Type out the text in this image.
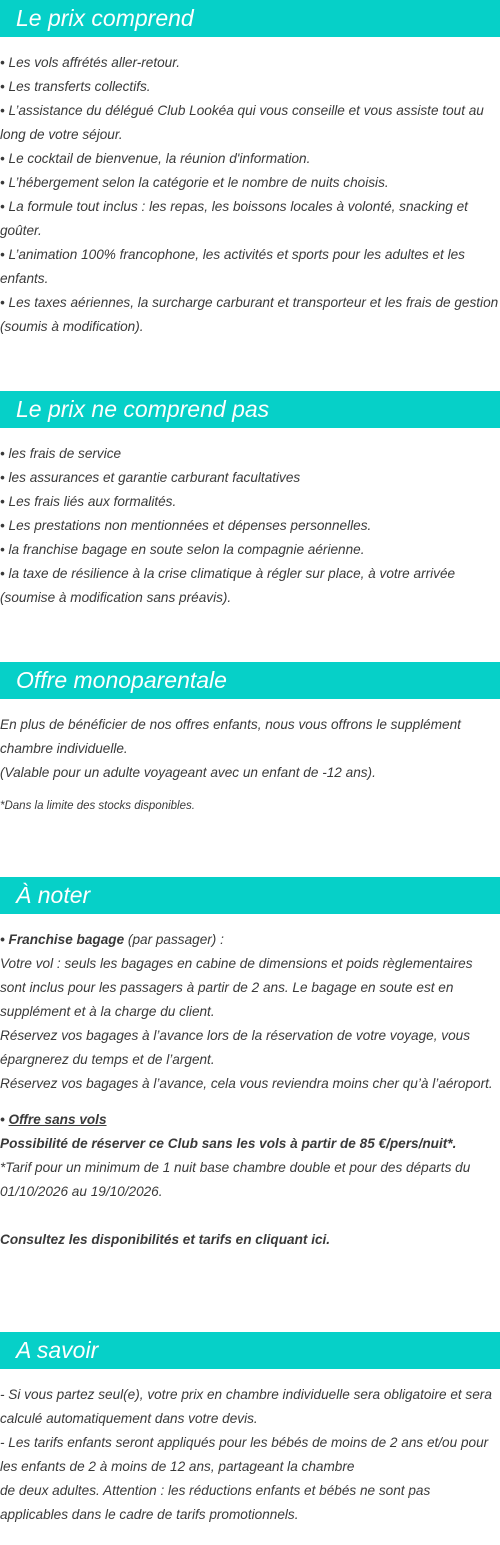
Le prix comprend

• Les vols affrétés aller-retour.

• Les transferts collectifs.

• L’assistance du délégué Club Lookéa qui vous conseille et vous assiste tout au long de votre séjour.

• Le cocktail de bienvenue, la réunion d'information.

• L’hébergement selon la catégorie et le nombre de nuits choisis.

• La formule tout inclus : les repas, les boissons locales à volonté, snacking et goûter.

• L’animation 100% francophone, les activités et sports pour les adultes et les enfants.

• Les taxes aériennes, la surcharge carburant et transporteur et les frais de gestion (soumis à modification).

Le prix ne comprend pas

• les frais de service

• les assurances et garantie carburant facultatives

• Les frais liés aux formalités.

• Les prestations non mentionnées et dépenses personnelles.

• la franchise bagage en soute selon la compagnie aérienne.

• la taxe de résilience à la crise climatique à régler sur place, à votre arrivée (soumise à modification sans préavis).

Offre monoparentale

En plus de bénéficier de nos offres enfants, nous vous offrons le supplément chambre individuelle.

(Valable pour un adulte voyageant avec un enfant de -12 ans).

*Dans la limite des stocks disponibles.

À noter

• Franchise bagage (par passager) :

Votre vol : seuls les bagages en cabine de dimensions et poids règlementaires sont inclus pour les passagers à partir de 2 ans. Le bagage en soute est en supplément et à la charge du client.

Réservez vos bagages à l’avance lors de la réservation de votre voyage, vous épargnerez du temps et de l’argent.

Réservez vos bagages à l’avance, cela vous reviendra moins cher qu’à l’aéroport.

• Offre sans vols

Possibilité de réserver ce Club sans les vols à partir de 85 €/pers/nuit*.

*Tarif pour un minimum de 1 nuit base chambre double et pour des départs du 01/10/2026 au 19/10/2026.

Consultez les disponibilités et tarifs en cliquant ici.

A savoir

- Si vous partez seul(e), votre prix en chambre individuelle sera obligatoire et sera calculé automatiquement dans votre devis.

- Les tarifs enfants seront appliqués pour les bébés de moins de 2 ans et/ou pour les enfants de 2 à moins de 12 ans, partageant la chambre

de deux adultes. Attention : les réductions enfants et bébés ne sont pas applicables dans le cadre de tarifs promotionnels.
